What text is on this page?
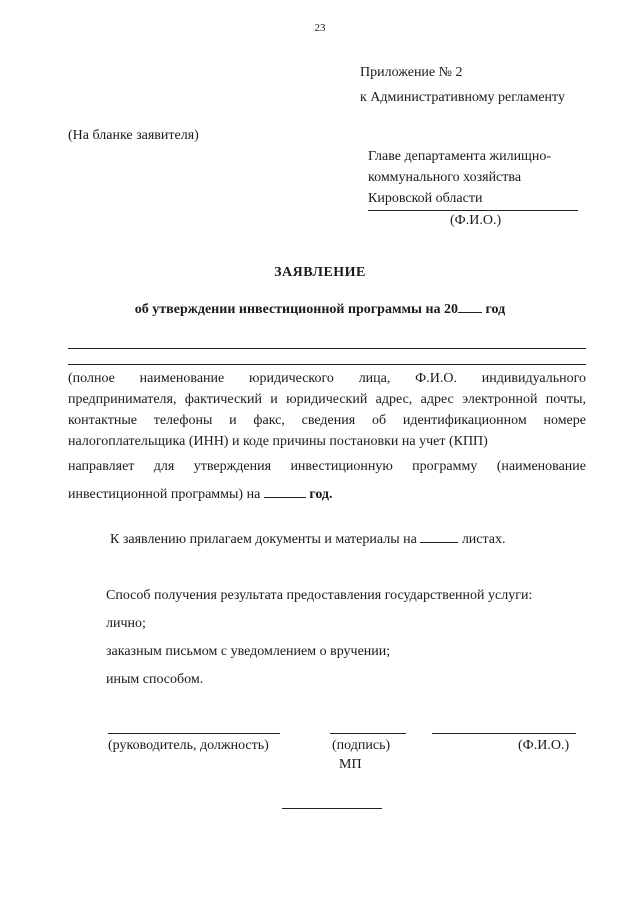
23
Приложение № 2
к Административному регламенту
(На бланке заявителя)
Главе департамента жилищно-
коммунального хозяйства
Кировской области
(Ф.И.О.)
ЗАЯВЛЕНИЕ
об утверждении инвестиционной программы на 20 год
(полное наименование юридического лица, Ф.И.О. индивидуального предпринимателя, фактический и юридический адрес, адрес электронной почты, контактные телефоны и факс, сведения об идентификационном номере налогоплательщика (ИНН) и коде причины постановки на учет (КПП)
направляет для утверждения инвестиционную программу (наименование
инвестиционной программы) на	год.
К заявлению прилагаем документы и материалы на	листах.
Способ получения результата предоставления государственной услуги:
лично;
заказным письмом с уведомлением о вручении;
иным способом.
(руководитель, должность)	(подпись)	(Ф.И.О.)
МП
